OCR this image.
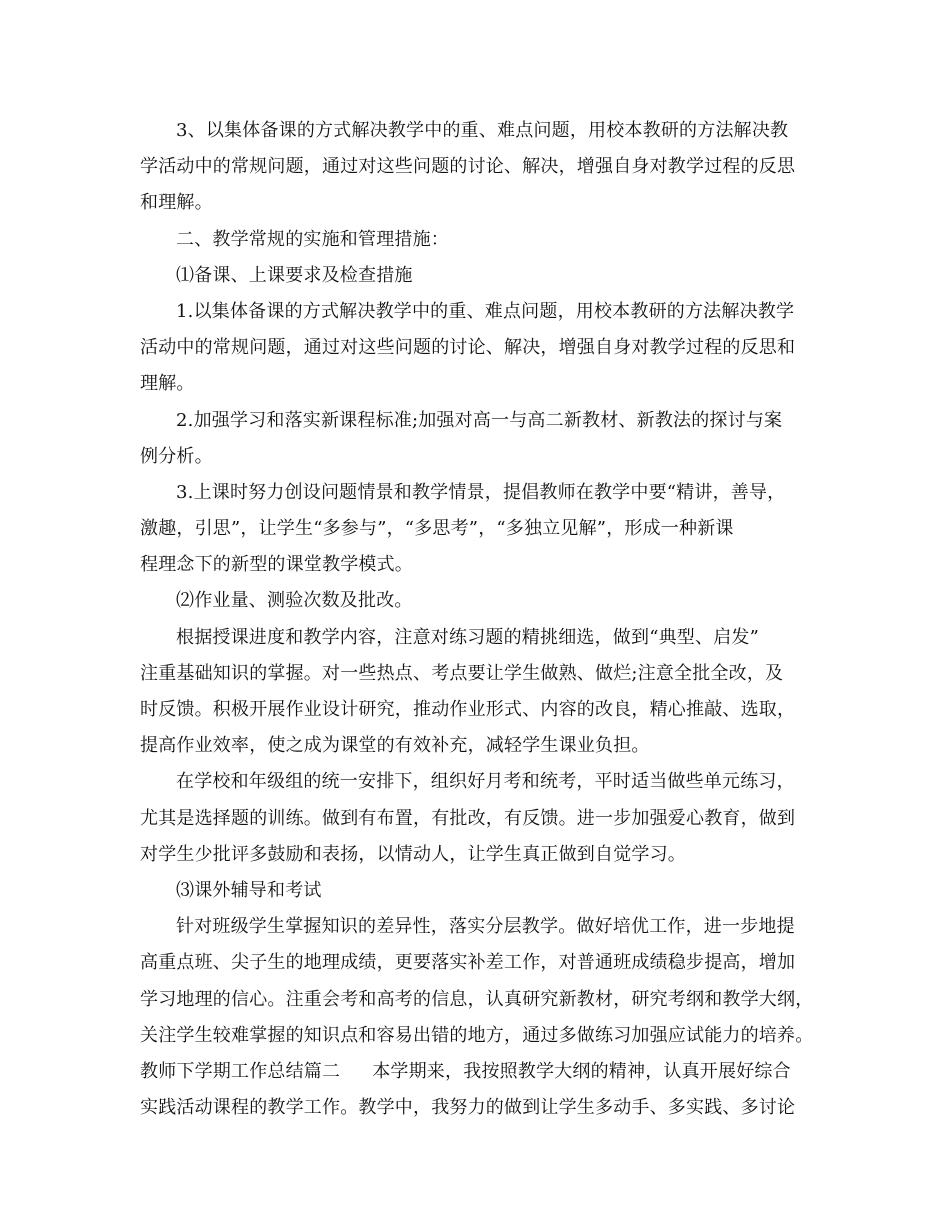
3、以集体备课的方式解决教学中的重、难点问题，用校本教研的方法解决教
学活动中的常规问题，通过对这些问题的讨论、解决，增强自身对教学过程的反思
和理解。
二、教学常规的实施和管理措施：
⑴备课、上课要求及检查措施
1.以集体备课的方式解决教学中的重、难点问题，用校本教研的方法解决教学
活动中的常规问题，通过对这些问题的讨论、解决，增强自身对教学过程的反思和
理解。
2.加强学习和落实新课程标准;加强对高一与高二新教材、新教法的探讨与案
例分析。
3.上课时努力创设问题情景和教学情景，提倡教师在教学中要“精讲，善导，
激趣，引思”，让学生“多参与”，“多思考”，“多独立见解”，形成一种新课
程理念下的新型的课堂教学模式。
⑵作业量、测验次数及批改。
根据授课进度和教学内容，注意对练习题的精挑细选，做到“典型、启发”
注重基础知识的掌握。对一些热点、考点要让学生做熟、做烂;注意全批全改，及
时反馈。积极开展作业设计研究，推动作业形式、内容的改良，精心推敲、选取，
提高作业效率，使之成为课堂的有效补充，减轻学生课业负担。
在学校和年级组的统一安排下，组织好月考和统考，平时适当做些单元练习，
尤其是选择题的训练。做到有布置，有批改，有反馈。进一步加强爱心教育，做到
对学生少批评多鼓励和表扬，以情动人，让学生真正做到自觉学习。
⑶课外辅导和考试
针对班级学生掌握知识的差异性，落实分层教学。做好培优工作，进一步地提
高重点班、尖子生的地理成绩，更要落实补差工作，对普通班成绩稳步提高，增加
学习地理的信心。注重会考和高考的信息，认真研究新教材，研究考纲和教学大纲，
关注学生较难掌握的知识点和容易出错的地方，通过多做练习加强应试能力的培养。
教师下学期工作总结篇二 本学期来，我按照教学大纲的精神，认真开展好综合
实践活动课程的教学工作。教学中，我努力的做到让学生多动手、多实践、多讨论
